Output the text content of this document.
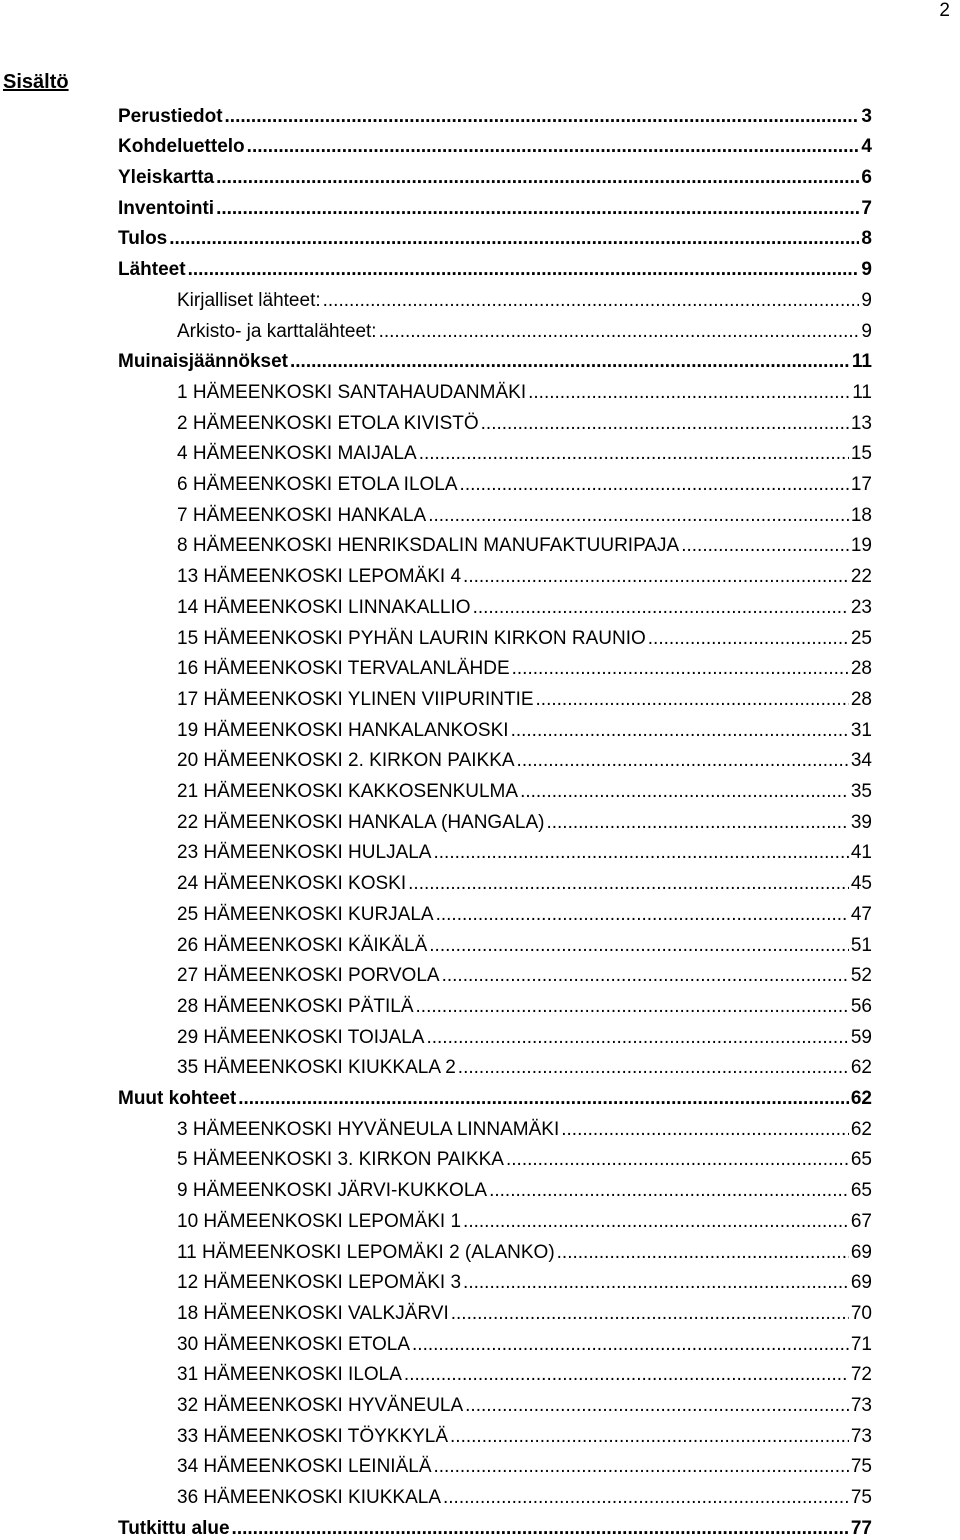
2
Sisältö
Perustiedot .....	3
Kohdeluettelo .....	4
Yleiskartta .....	6
Inventointi .....	7
Tulos .....	8
Lähteet .....	9
Kirjalliset lähteet: .....	9
Arkisto- ja karttalähteet: .....	9
Muinaisjäännökset .....	11
1 HÄMEENKOSKI SANTAHAUDANMÄKI .....	11
2 HÄMEENKOSKI ETOLA KIVISTÖ .....	13
4 HÄMEENKOSKI MAIJALA .....	15
6 HÄMEENKOSKI ETOLA ILOLA .....	17
7 HÄMEENKOSKI HANKALA .....	18
8 HÄMEENKOSKI HENRIKSDALIN MANUFAKTUURIPAJA .....	19
13 HÄMEENKOSKI LEPOMÄKI 4 .....	22
14 HÄMEENKOSKI LINNAKALLIO .....	23
15 HÄMEENKOSKI PYHÄN LAURIN KIRKON RAUNIO .....	25
16 HÄMEENKOSKI TERVALANLÄHDE .....	28
17 HÄMEENKOSKI YLINEN VIIPURINTIE .....	28
19 HÄMEENKOSKI HANKALANKOSKI .....	31
20 HÄMEENKOSKI 2. KIRKON PAIKKA .....	34
21 HÄMEENKOSKI KAKKOSENKULMA .....	35
22 HÄMEENKOSKI HANKALA (HANGALA) .....	39
23 HÄMEENKOSKI HULJALA .....	41
24 HÄMEENKOSKI KOSKI .....	45
25 HÄMEENKOSKI KURJALA .....	47
26 HÄMEENKOSKI KÄIKÄLÄ .....	51
27 HÄMEENKOSKI PORVOLA .....	52
28 HÄMEENKOSKI PÄTILÄ .....	56
29 HÄMEENKOSKI TOIJALA .....	59
35 HÄMEENKOSKI KIUKKALA 2 .....	62
Muut kohteet .....	62
3 HÄMEENKOSKI HYVÄNEULA LINNAMÄKI .....	62
5 HÄMEENKOSKI 3. KIRKON PAIKKA .....	65
9 HÄMEENKOSKI JÄRVI-KUKKOLA .....	65
10 HÄMEENKOSKI LEPOMÄKI 1 .....	67
11 HÄMEENKOSKI LEPOMÄKI 2 (ALANKO) .....	69
12 HÄMEENKOSKI LEPOMÄKI 3 .....	69
18 HÄMEENKOSKI VALKJÄRVI .....	70
30 HÄMEENKOSKI ETOLA .....	71
31 HÄMEENKOSKI ILOLA .....	72
32 HÄMEENKOSKI HYVÄNEULA .....	73
33 HÄMEENKOSKI TÖYKKYLÄ .....	73
34 HÄMEENKOSKI LEINIÄLÄ .....	75
36 HÄMEENKOSKI KIUKKALA .....	75
Tutkittu alue .....	77
